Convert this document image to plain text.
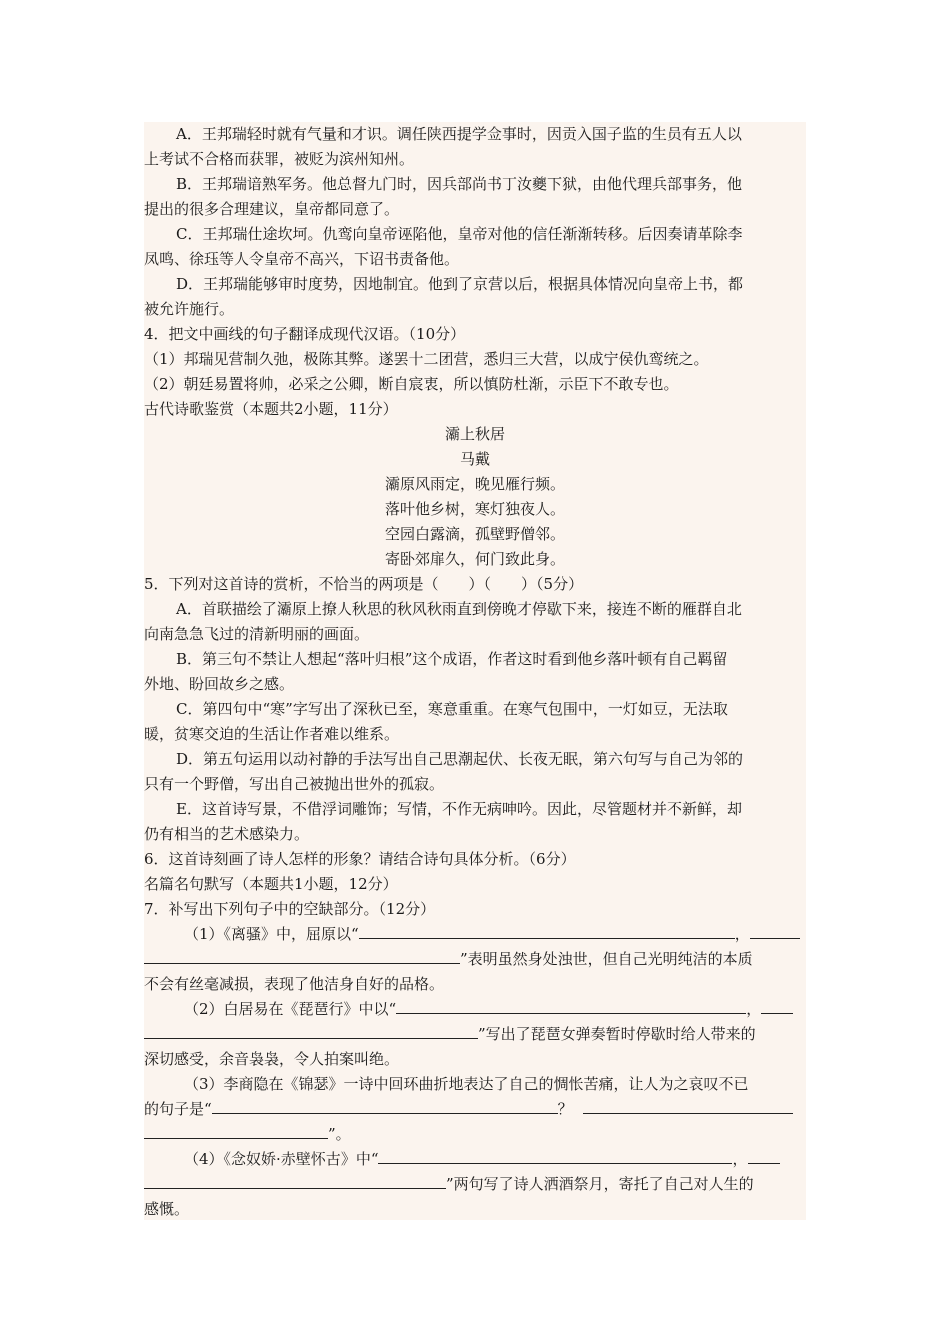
A．王邦瑞轻时就有气量和才识。调任陕西提学佥事时，因贡入国子监的生员有五人以
上考试不合格而获罪，被贬为滨州知州。
B．王邦瑞谙熟军务。他总督九门时，因兵部尚书丁汝夔下狱，由他代理兵部事务，他
提出的很多合理建议，皇帝都同意了。
C．王邦瑞仕途坎坷。仇鸾向皇帝诬陷他，皇帝对他的信任渐渐转移。后因奏请革除李
凤鸣、徐珏等人令皇帝不高兴，下诏书责备他。
D．王邦瑞能够审时度势，因地制宜。他到了京营以后，根据具体情况向皇帝上书，都
被允许施行。
4．把文中画线的句子翻译成现代汉语。（10分）
（1）邦瑞见营制久弛，极陈其弊。遂罢十二团营，悉归三大营，以成宁侯仇鸾统之。
（2）朝廷易置将帅，必采之公卿，断自宸衷，所以慎防杜渐，示臣下不敢专也。
古代诗歌鉴赏（本题共2小题，11分）
灞上秋居
马戴
灞原风雨定，晚见雁行频。
落叶他乡树，寒灯独夜人。
空园白露滴，孤壁野僧邻。
寄卧郊扉久，何门致此身。
5．下列对这首诗的赏析，不恰当的两项是（　　）（　　）（5分）
A．首联描绘了灞原上撩人秋思的秋风秋雨直到傍晚才停歇下来，接连不断的雁群自北
向南急急飞过的清新明丽的画面。
B．第三句不禁让人想起“落叶归根”这个成语，作者这时看到他乡落叶顿有自己羁留
外地、盼回故乡之感。
C．第四句中“寒”字写出了深秋已至，寒意重重。在寒气包围中，一灯如豆，无法取
暖，贫寒交迫的生活让作者难以维系。
D．第五句运用以动衬静的手法写出自己思潮起伏、长夜无眠，第六句写与自己为邻的
只有一个野僧，写出自己被抛出世外的孤寂。
E．这首诗写景，不借浮词雕饰；写情，不作无病呻吟。因此，尽管题材并不新鲜，却
仍有相当的艺术感染力。
6．这首诗刻画了诗人怎样的形象？请结合诗句具体分析。（6分）
名篇名句默写（本题共1小题，12分）
7．补写出下列句子中的空缺部分。（12分）
（1）《离骚》中，屈原以“	，
”表明虽然身处浊世，但自己光明纯洁的本质
不会有丝毫减损，表现了他洁身自好的品格。
（2）白居易在《琵琶行》中以“	，
”写出了琵琶女弹奏暂时停歇时给人带来的
深切感受，余音袅袅，令人拍案叫绝。
（3）李商隐在《锦瑟》一诗中回环曲折地表达了自己的惆怅苦痛，让人为之哀叹不已
的句子是“	？
”。
（4）《念奴娇·赤壁怀古》中“	，
”两句写了诗人洒酒祭月，寄托了自己对人生的
感慨。
